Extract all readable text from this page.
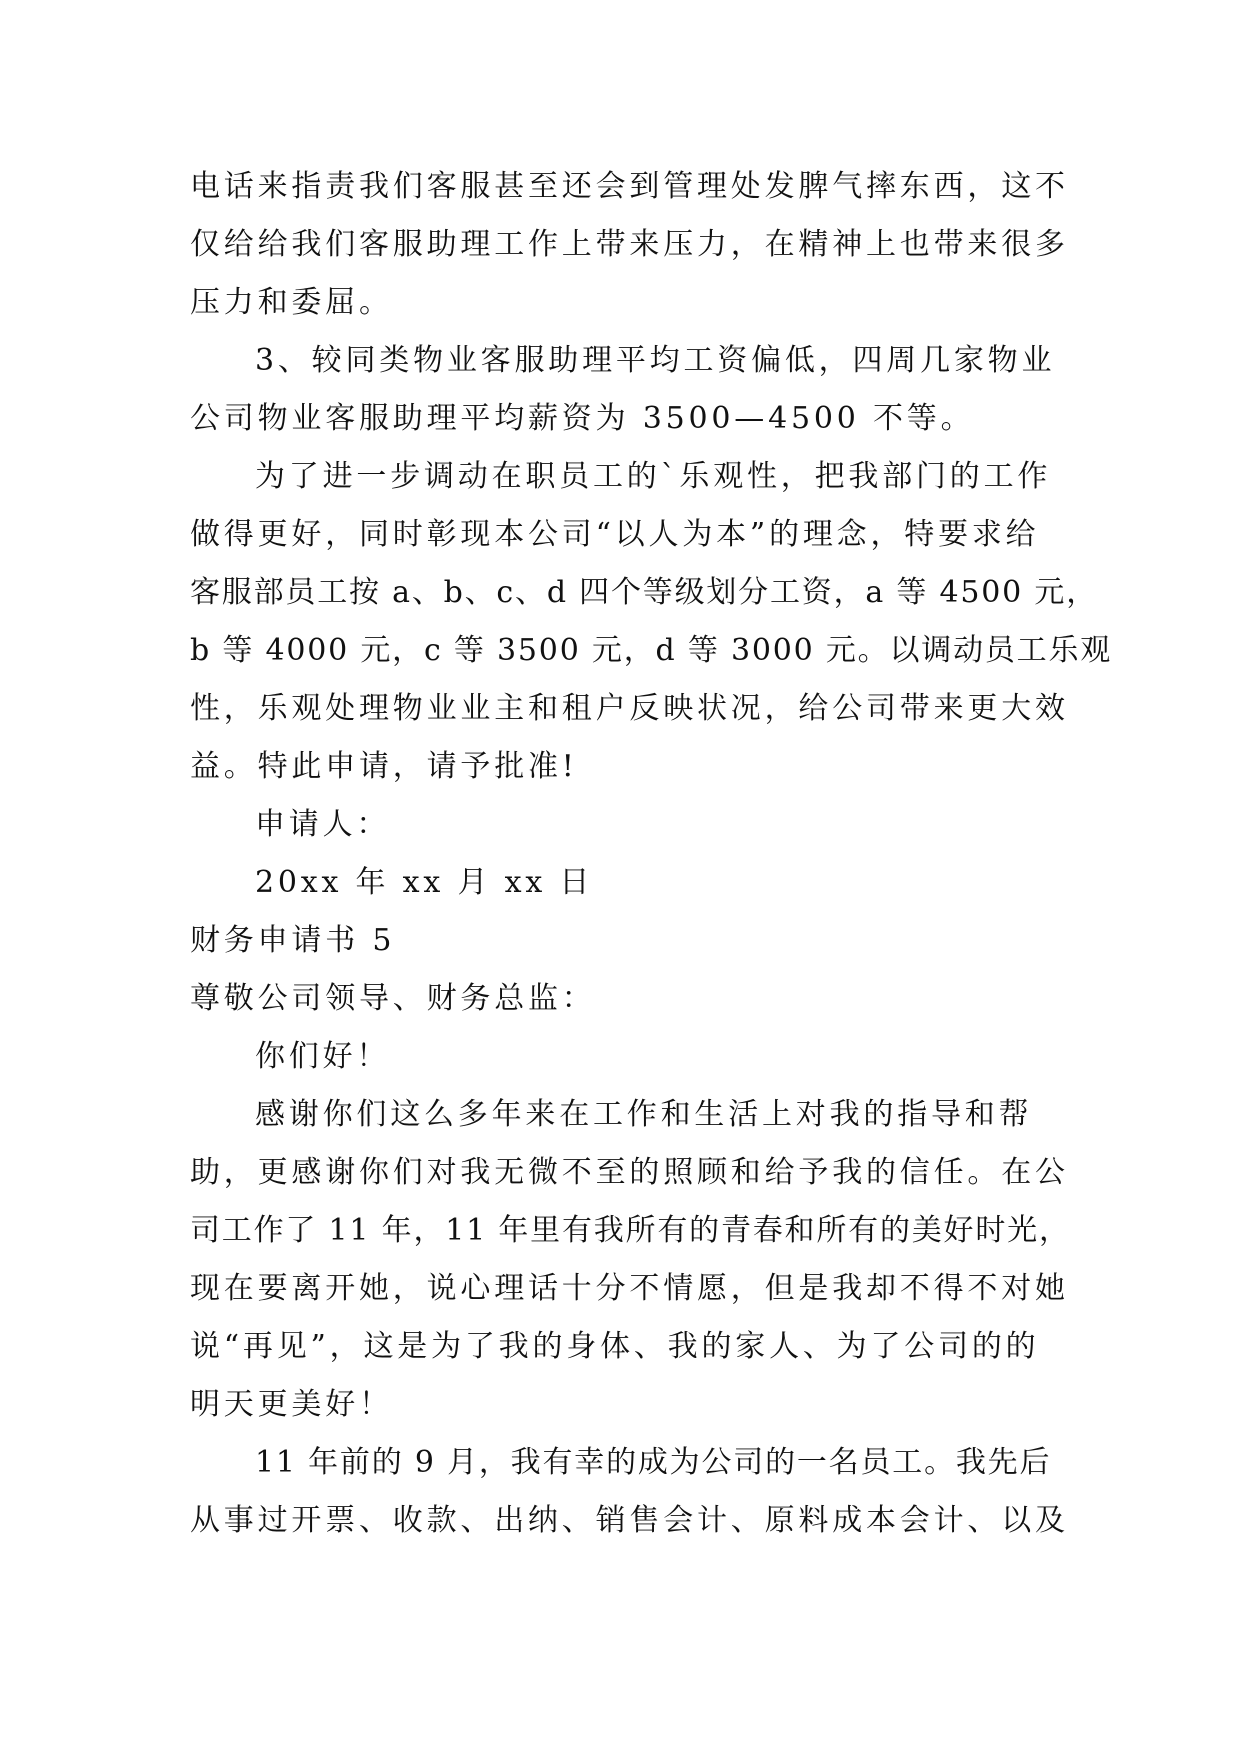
电话来指责我们客服甚至还会到管理处发脾气摔东西，这不
仅给给我们客服助理工作上带来压力，在精神上也带来很多
压力和委屈。
3、较同类物业客服助理平均工资偏低，四周几家物业
公司物业客服助理平均薪资为 3500—4500 不等。
为了进一步调动在职员工的`乐观性，把我部门的工作
做得更好，同时彰现本公司“以人为本”的理念，特要求给
客服部员工按 a、b、c、d 四个等级划分工资，a 等 4500 元，
b 等 4000 元，c 等 3500 元，d 等 3000 元。以调动员工乐观
性，乐观处理物业业主和租户反映状况，给公司带来更大效
益。特此申请，请予批准!
申请人：
20xx 年 xx 月 xx 日
财务申请书 5
尊敬公司领导、财务总监：
你们好！
感谢你们这么多年来在工作和生活上对我的指导和帮
助，更感谢你们对我无微不至的照顾和给予我的信任。在公
司工作了 11 年，11 年里有我所有的青春和所有的美好时光，
现在要离开她，说心理话十分不情愿，但是我却不得不对她
说“再见”，这是为了我的身体、我的家人、为了公司的的
明天更美好！
11 年前的 9 月，我有幸的成为公司的一名员工。我先后
从事过开票、收款、出纳、销售会计、原料成本会计、以及
